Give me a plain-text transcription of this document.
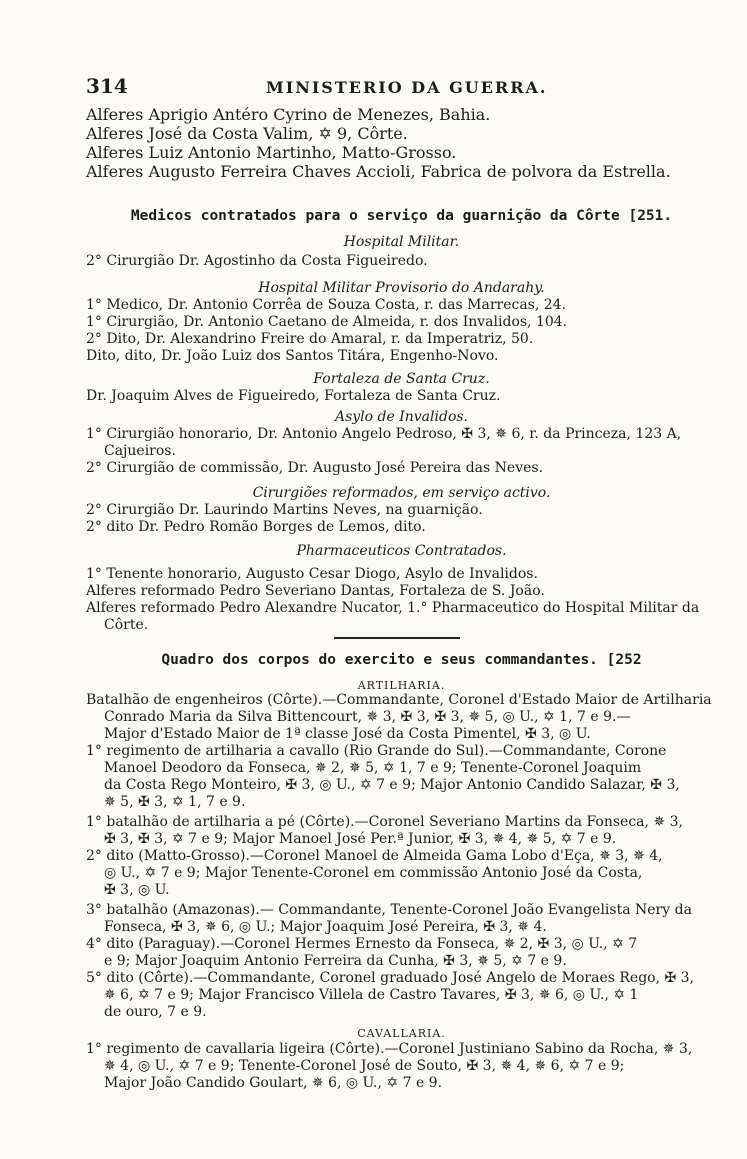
314	MINISTERIO DA GUERRA.
Alferes Aprigio Antéro Cyrino de Menezes, Bahia.
Alferes José da Costa Valim, ✡ 9, Côrte.
Alferes Luiz Antonio Martinho, Matto-Grosso.
Alferes Augusto Ferreira Chaves Accioli, Fabrica de polvora da Estrella.
Medicos contratados para o serviço da guarnição da Côrte [251.
Hospital Militar.
2° Cirurgião Dr. Agostinho da Costa Figueiredo.
Hospital Militar Provisorio do Andarahy.
1° Medico, Dr. Antonio Corrêa de Souza Costa, r. das Marrecas, 24.
1° Cirurgião, Dr. Antonio Caetano de Almeida, r. dos Invalidos, 104.
2° Dito, Dr. Alexandrino Freire do Amaral, r. da Imperatriz, 50.
Dito, dito, Dr. João Luiz dos Santos Titára, Engenho-Novo.
Fortaleza de Santa Cruz.
Dr. Joaquim Alves de Figueiredo, Fortaleza de Santa Cruz.
Asylo de Invalidos.
1° Cirurgião honorario, Dr. Antonio Angelo Pedroso, ✠ 3, ✵ 6, r. da Princeza, 123 A,
Cajueiros.
2° Cirurgião de commissão, Dr. Augusto José Pereira das Neves.
Cirurgiões reformados, em serviço activo.
2° Cirurgião Dr. Laurindo Martins Neves, na guarnição.
2° dito Dr. Pedro Romão Borges de Lemos, dito.
Pharmaceuticos Contratados.
1° Tenente honorario, Augusto Cesar Diogo, Asylo de Invalidos.
Alferes reformado Pedro Severiano Dantas, Fortaleza de S. João.
Alferes reformado Pedro Alexandre Nucator, 1.° Pharmaceutico do Hospital Militar da
Côrte.
Quadro dos corpos do exercito e seus commandantes. [252
ARTILHARIA.
Batalhão de engenheiros (Côrte).—Commandante, Coronel d'Estado Maior de Artilharia
Conrado Maria da Silva Bittencourt, ✵ 3, ✠ 3, ✠ 3, ✵ 5, ◎ U., ✡ 1, 7 e 9.—
Major d'Estado Maior de 1ª classe José da Costa Pimentel, ✠ 3, ◎ U.
1° regimento de artilharia a cavallo (Rio Grande do Sul).—Commandante, Corone
Manoel Deodoro da Fonseca, ✵ 2, ✵ 5, ✡ 1, 7 e 9; Tenente-Coronel Joaquim
da Costa Rego Monteiro, ✠ 3, ◎ U., ✡ 7 e 9; Major Antonio Candido Salazar, ✠ 3,
✵ 5, ✠ 3, ✡ 1, 7 e 9.
1° batalhão de artilharia a pé (Côrte).—Coronel Severiano Martins da Fonseca, ✵ 3,
✠ 3, ✠ 3, ✡ 7 e 9; Major Manoel José Per.ª Junior, ✠ 3, ✵ 4, ✵ 5, ✡ 7 e 9.
2° dito (Matto-Grosso).—Coronel Manoel de Almeida Gama Lobo d'Eça, ✵ 3, ✵ 4,
◎ U., ✡ 7 e 9; Major Tenente-Coronel em commissão Antonio José da Costa,
✠ 3, ◎ U.
3° batalhão (Amazonas).— Commandante, Tenente-Coronel João Evangelista Nery da
Fonseca, ✠ 3, ✵ 6, ◎ U.; Major Joaquim José Pereira, ✠ 3, ✵ 4.
4° dito (Paraguay).—Coronel Hermes Ernesto da Fonseca, ✵ 2, ✠ 3, ◎ U., ✡ 7
e 9; Major Joaquim Antonio Ferreira da Cunha, ✠ 3, ✵ 5, ✡ 7 e 9.
5° dito (Côrte).—Commandante, Coronel graduado José Angelo de Moraes Rego, ✠ 3,
✵ 6, ✡ 7 e 9; Major Francisco Villela de Castro Tavares, ✠ 3, ✵ 6, ◎ U., ✡ 1
de ouro, 7 e 9.
CAVALLARIA.
1° regimento de cavallaria ligeira (Côrte).—Coronel Justiniano Sabino da Rocha, ✵ 3,
✵ 4, ◎ U., ✡ 7 e 9; Tenente-Coronel José de Souto, ✠ 3, ✵ 4, ✵ 6, ✡ 7 e 9;
Major João Candido Goulart, ✵ 6, ◎ U., ✡ 7 e 9.
